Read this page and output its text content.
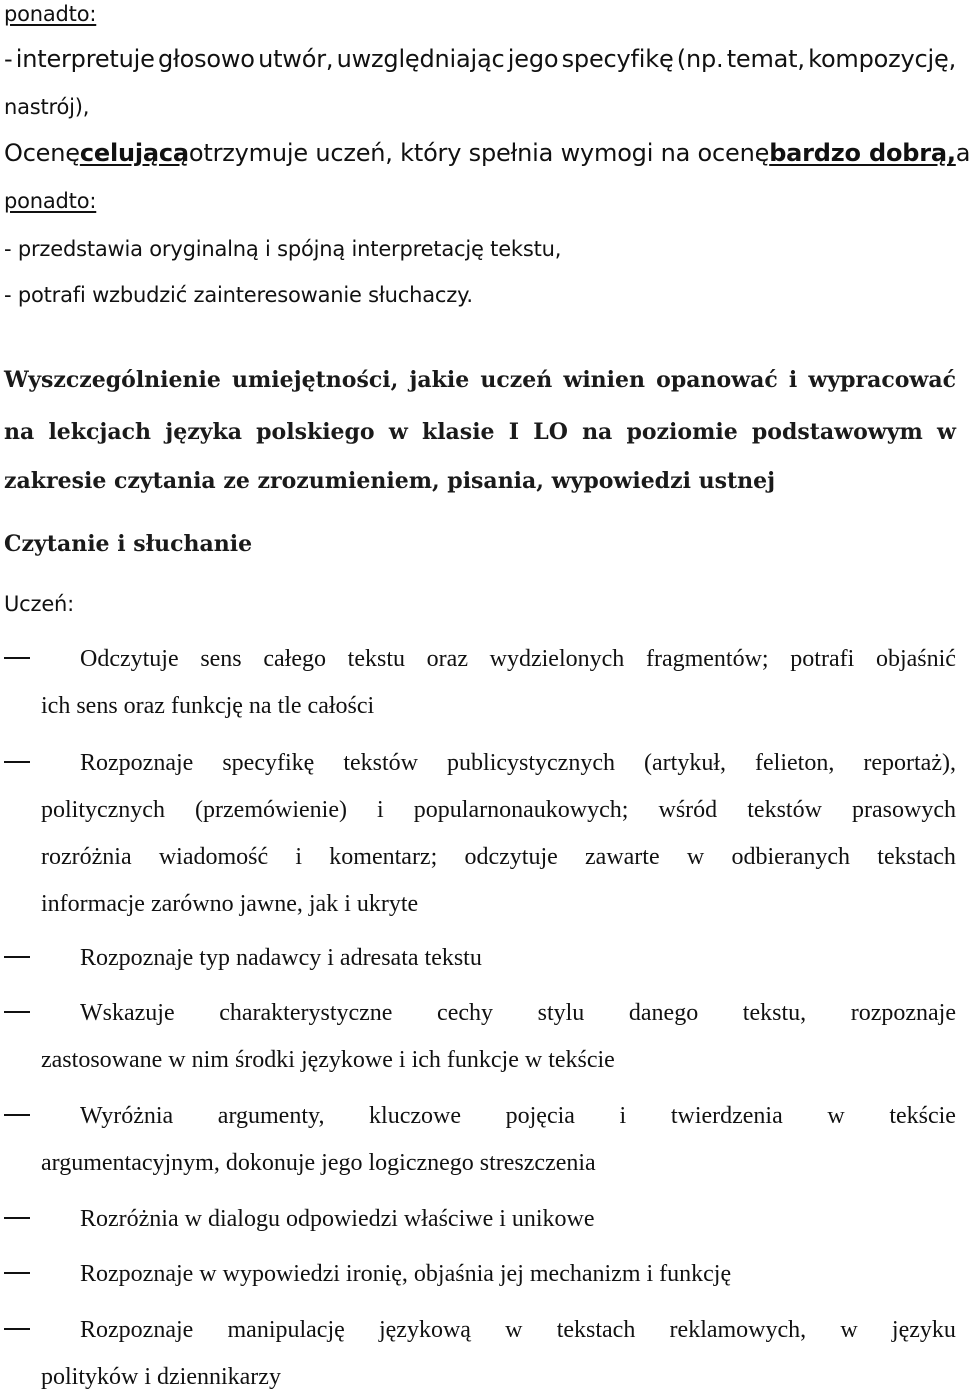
ponadto:
- interpretuje głosowo utwór, uwzględniając jego specyfikę (np. temat, kompozycję,
nastrój),
Ocenę celującą otrzymuje uczeń, który spełnia wymogi na ocenę bardzo dobrą, a
ponadto:
- przedstawia oryginalną i spójną interpretację tekstu,
- potrafi wzbudzić zainteresowanie słuchaczy.
Wyszczególnienie umiejętności, jakie uczeń winien opanować i wypracować
na lekcjach języka polskiego w klasie I LO na poziomie podstawowym w
zakresie czytania ze zrozumieniem, pisania, wypowiedzi ustnej
Czytanie i słuchanie
Uczeń:
Odczytuje sens całego tekstu oraz wydzielonych fragmentów; potrafi objaśnić
ich sens oraz funkcję na tle całości
Rozpoznaje specyfikę tekstów publicystycznych (artykuł, felieton, reportaż),
politycznych (przemówienie) i popularnonaukowych; wśród tekstów prasowych
rozróżnia wiadomość i komentarz; odczytuje zawarte w odbieranych tekstach
informacje zarówno jawne, jak i ukryte
Rozpoznaje typ nadawcy i adresata tekstu
Wskazuje charakterystyczne cechy stylu danego tekstu, rozpoznaje
zastosowane w nim środki językowe i ich funkcje w tekście
Wyróżnia argumenty, kluczowe pojęcia i twierdzenia w tekście
argumentacyjnym, dokonuje jego logicznego streszczenia
Rozróżnia w dialogu odpowiedzi właściwe i unikowe
Rozpoznaje w wypowiedzi ironię, objaśnia jej mechanizm i funkcję
Rozpoznaje manipulację językową w tekstach reklamowych, w języku
polityków i dziennikarzy
